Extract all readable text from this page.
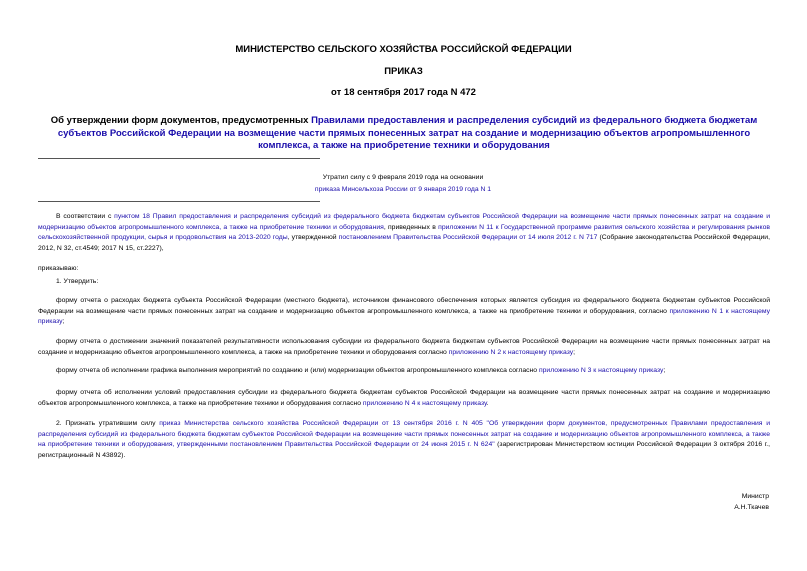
МИНИСТЕРСТВО СЕЛЬСКОГО ХОЗЯЙСТВА РОССИЙСКОЙ ФЕДЕРАЦИИ
ПРИКАЗ
от 18 сентября 2017 года N 472
Об утверждении форм документов, предусмотренных Правилами предоставления и распределения субсидий из федерального бюджета бюджетам субъектов Российской Федерации на возмещение части прямых понесенных затрат на создание и модернизацию объектов агропромышленного комплекса, а также на приобретение техники и оборудования
Утратил силу с 9 февраля 2019 года на основании
приказа Минсельхоза России от 9 января 2019 года N 1
В соответствии с пунктом 18 Правил предоставления и распределения субсидий из федерального бюджета бюджетам субъектов Российской Федерации на возмещение части прямых понесенных затрат на создание и модернизацию объектов агропромышленного комплекса, а также на приобретение техники и оборудования, приведенных в приложении N 11 к Государственной программе развития сельского хозяйства и регулирования рынков сельскохозяйственной продукции, сырья и продовольствия на 2013-2020 годы, утвержденной постановлением Правительства Российской Федерации от 14 июля 2012 г. N 717 (Собрание законодательства Российской Федерации, 2012, N 32, ст.4549; 2017 N 15, ст.2227),
приказываю:
1. Утвердить:
форму отчета о расходах бюджета субъекта Российской Федерации (местного бюджета), источником финансового обеспечения которых является субсидия из федерального бюджета бюджетам субъектов Российской Федерации на возмещение части прямых понесенных затрат на создание и модернизацию объектов агропромышленного комплекса, а также на приобретение техники и оборудования, согласно приложению N 1 к настоящему приказу;
форму отчета о достижении значений показателей результативности использования субсидии из федерального бюджета бюджетам субъектов Российской Федерации на возмещение части прямых понесенных затрат на создание и модернизацию объектов агропромышленного комплекса, а также на приобретение техники и оборудования согласно приложению N 2 к настоящему приказу;
форму отчета об исполнении графика выполнения мероприятий по созданию и (или) модернизации объектов агропромышленного комплекса согласно приложению N 3 к настоящему приказу;
форму отчета об исполнении условий предоставления субсидии из федерального бюджета бюджетам субъектов Российской Федерации на возмещение части прямых понесенных затрат на создание и модернизацию объектов агропромышленного комплекса, а также на приобретение техники и оборудования согласно приложению N 4 к настоящему приказу.
2. Признать утратившим силу приказ Министерства сельского хозяйства Российской Федерации от 13 сентября 2016 г. N 405 "Об утверждении форм документов, предусмотренных Правилами предоставления и распределения субсидий из федерального бюджета бюджетам субъектов Российской Федерации на возмещение части прямых понесенных затрат на создание и модернизацию объектов агропромышленного комплекса, а также на приобретение техники и оборудования, утвержденными постановлением Правительства Российской Федерации от 24 июня 2015 г. N 624" (зарегистрирован Министерством юстиции Российской Федерации 3 октября 2016 г., регистрационный N 43892).
Министр
А.Н.Ткачев
